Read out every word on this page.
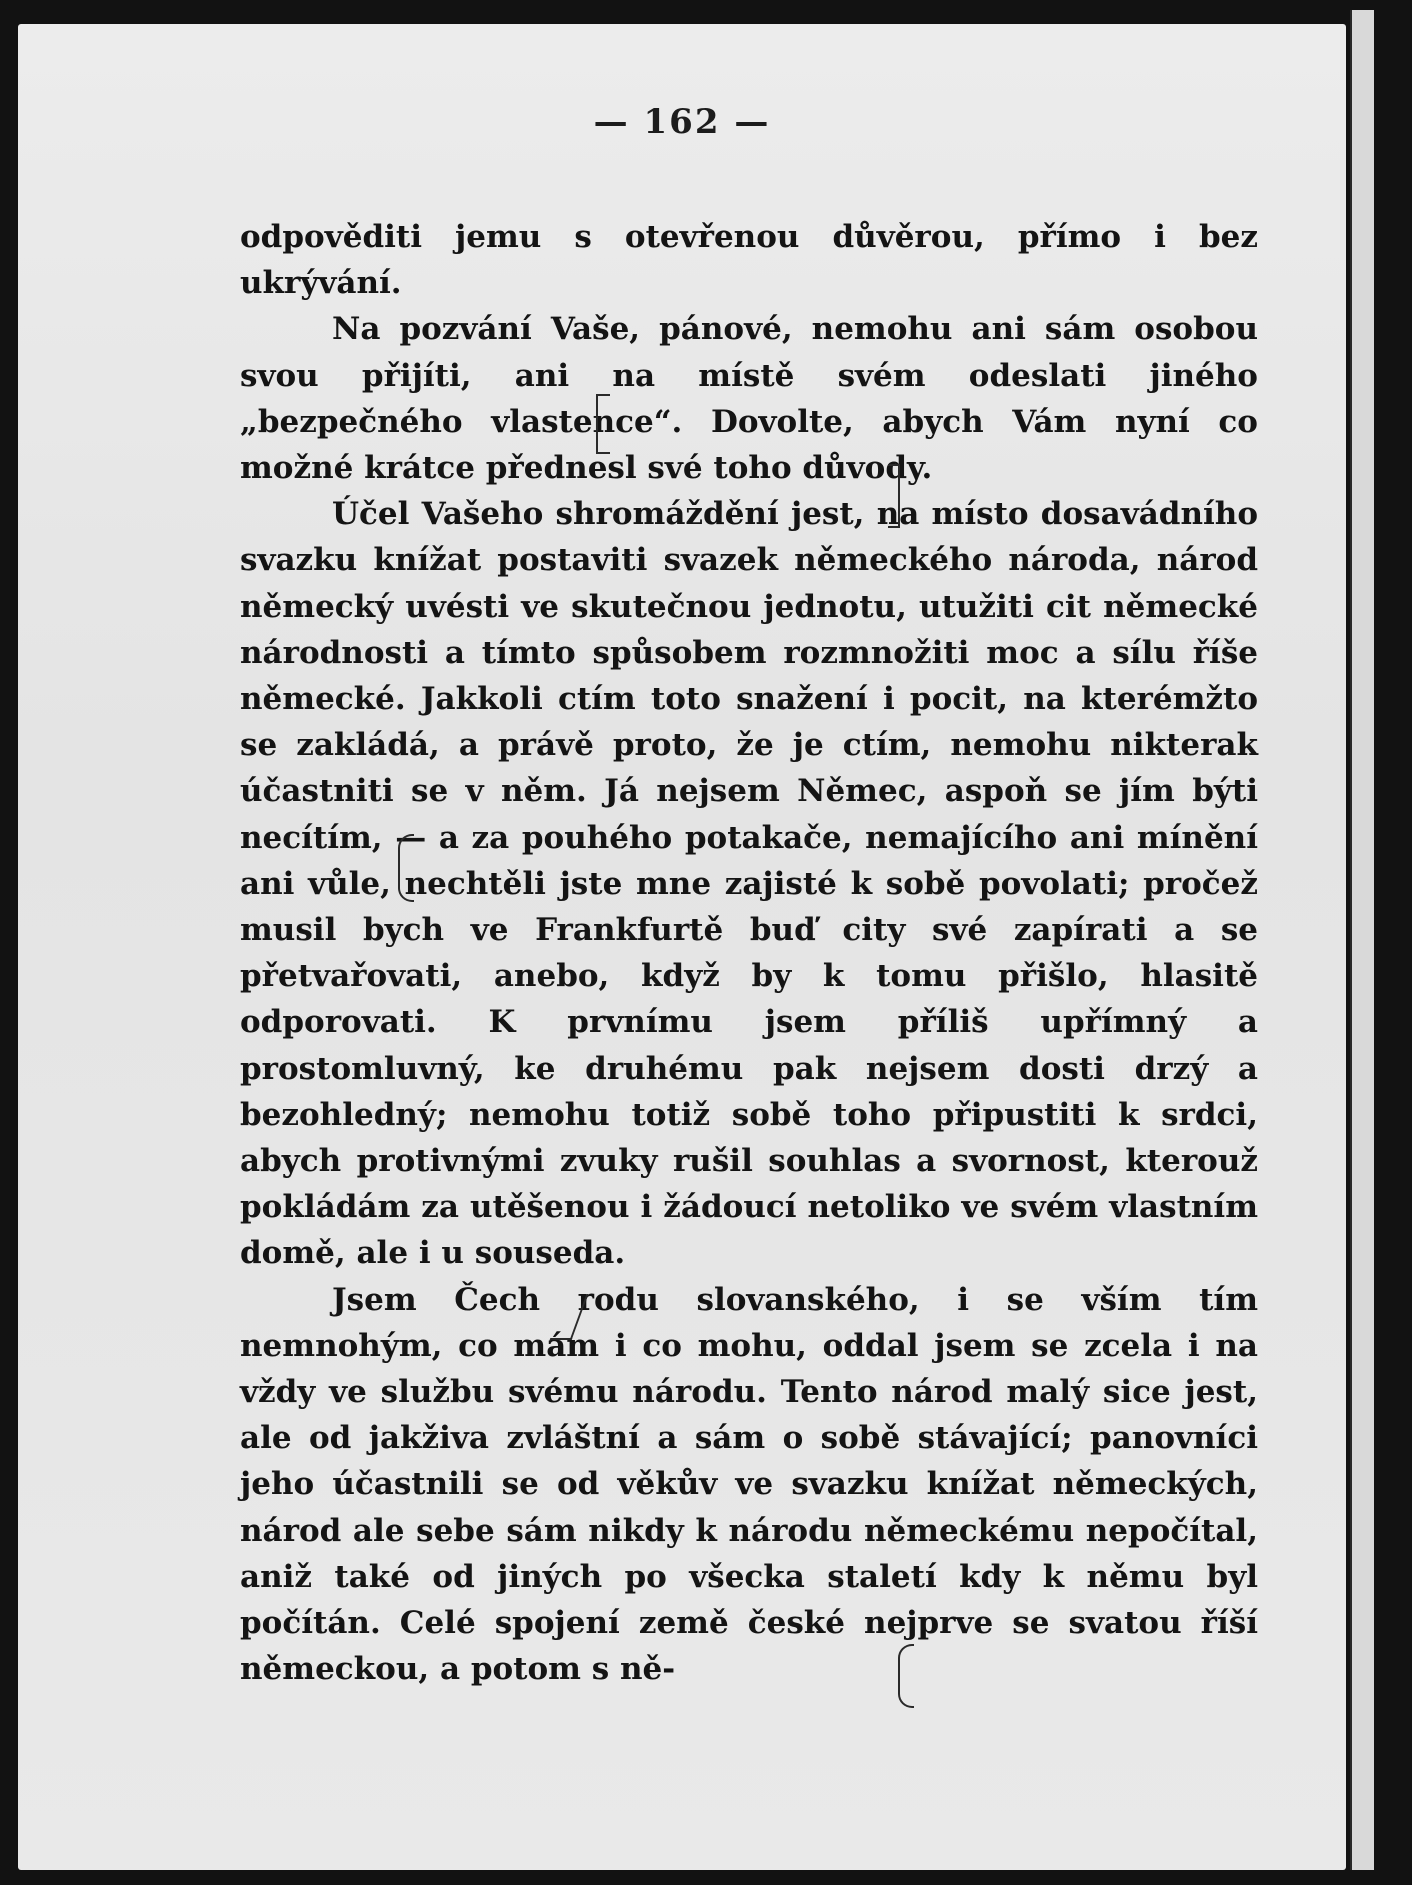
— 162 —

odpověditi jemu s otevřenou důvěrou, přímo i bez ukrývání.

Na pozvání Vaše, pánové, nemohu ani sám osobou svou přijíti, ani na místě svém odeslati jiného „bezpečného vlastence“. Dovolte, abych Vám nyní co možné krátce přednesl své toho důvody.

Účel Vašeho shromáždění jest, na místo dosavádního svazku knížat postaviti svazek německého národa, národ německý uvésti ve skutečnou jednotu, utužiti cit německé národnosti a tímto spůsobem rozmnožiti moc a sílu říše německé. Jakkoli ctím toto snažení i pocit, na kterémžto se zakládá, a právě proto, že je ctím, nemohu nikterak účastniti se v něm. Já nejsem Němec, aspoň se jím býti necítím, — a za pouhého potakače, nemajícího ani mínění ani vůle, nechtěli jste mne zajisté k sobě povolati; pročež musil bych ve Frankfurtě buď city své zapírati a se přetvařovati, anebo, když by k tomu přišlo, hlasitě odporovati. K prvnímu jsem příliš upřímný a prostomluvný, ke druhému pak nejsem dosti drzý a bezohledný; nemohu totiž sobě toho připustiti k srdci, abych protivnými zvuky rušil souhlas a svornost, kterouž pokládám za utěšenou i žádoucí netoliko ve svém vlastním domě, ale i u souseda.

Jsem Čech rodu slovanského, i se vším tím nemnohým, co mám i co mohu, oddal jsem se zcela i na vždy ve službu svému národu. Tento národ malý sice jest, ale od jakživa zvláštní a sám o sobě stávající; panovníci jeho účastnili se od věkův ve svazku knížat německých, národ ale sebe sám nikdy k národu německému nepočítal, aniž také od jiných po všecka staletí kdy k němu byl počítán. Celé spojení země české nejprve se svatou říší německou, a potom s ně-
